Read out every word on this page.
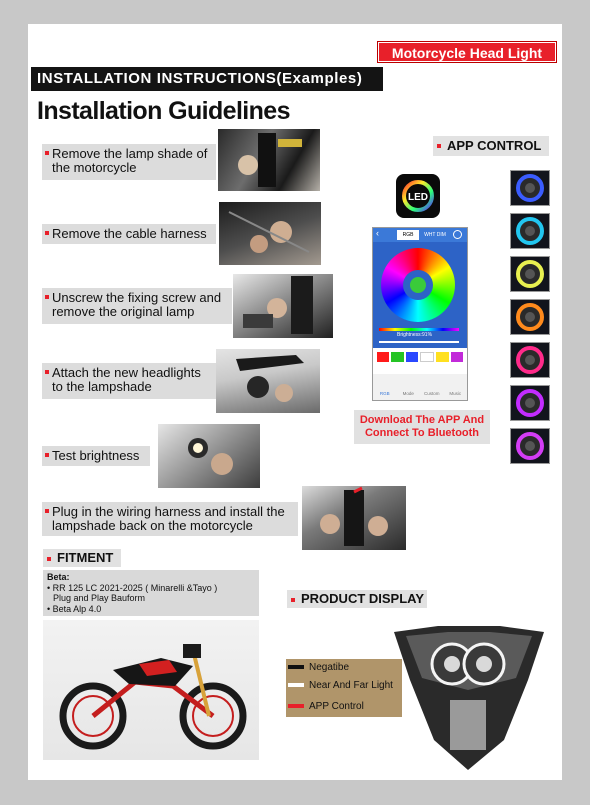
Motorcycle Head Light
INSTALLATION INSTRUCTIONS(Examples)
Installation Guidelines
Remove the lamp shade of the motorcycle
Remove the cable harness
Unscrew the fixing screw and remove the original lamp
Attach the new headlights to the lampshade
Test brightness
Plug in the wiring harness and install the lampshade back on the motorcycle
APP CONTROL
LED
‹	RGB	WHT DIM
Brightness:91%
RGB	Mode	Custom	Music
Download The APP And Connect To Bluetooth
FITMENT
Beta:
• RR 125 LC 2021-2025 ( Minarelli &Tayo )
Plug and Play Bauform
• Beta Alp 4.0
PRODUCT DISPLAY
Negatibe
Near And Far Light
APP Control
